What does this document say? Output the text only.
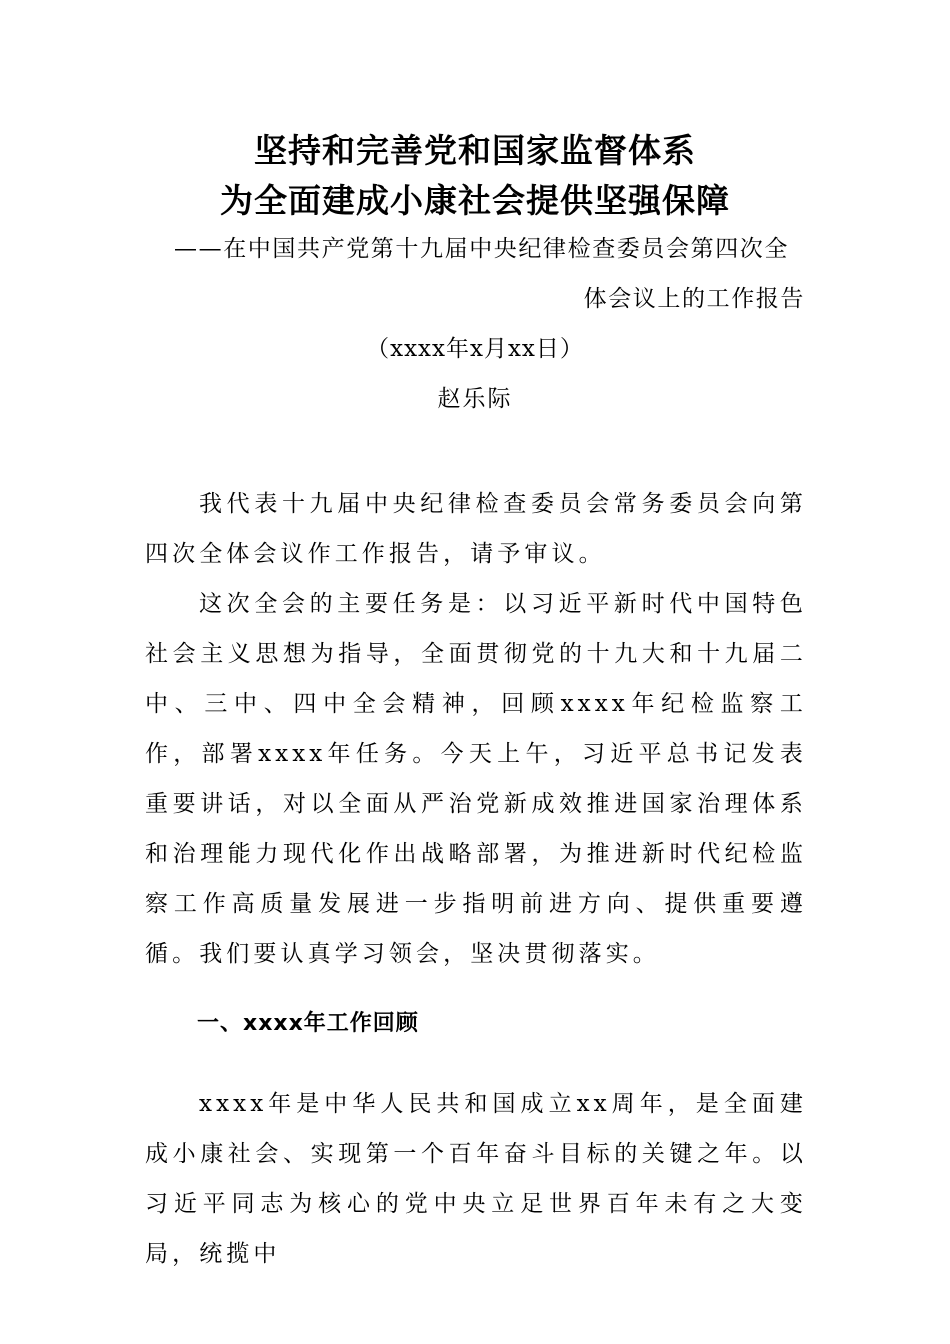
坚持和完善党和国家监督体系
为全面建成小康社会提供坚强保障
——在中国共产党第十九届中央纪律检查委员会第四次全
体会议上的工作报告
（xxxx年x月xx日）
赵乐际

我代表十九届中央纪律检查委员会常务委员会向第四次全体会议作工作报告，请予审议。

这次全会的主要任务是：以习近平新时代中国特色社会主义思想为指导，全面贯彻党的十九大和十九届二中、三中、四中全会精神，回顾xxxx年纪检监察工作，部署xxxx年任务。今天上午，习近平总书记发表重要讲话，对以全面从严治党新成效推进国家治理体系和治理能力现代化作出战略部署，为推进新时代纪检监察工作高质量发展进一步指明前进方向、提供重要遵循。我们要认真学习领会，坚决贯彻落实。

一、xxxx年工作回顾

xxxx年是中华人民共和国成立xx周年，是全面建成小康社会、实现第一个百年奋斗目标的关键之年。以习近平同志为核心的党中央立足世界百年未有之大变局，统揽中
